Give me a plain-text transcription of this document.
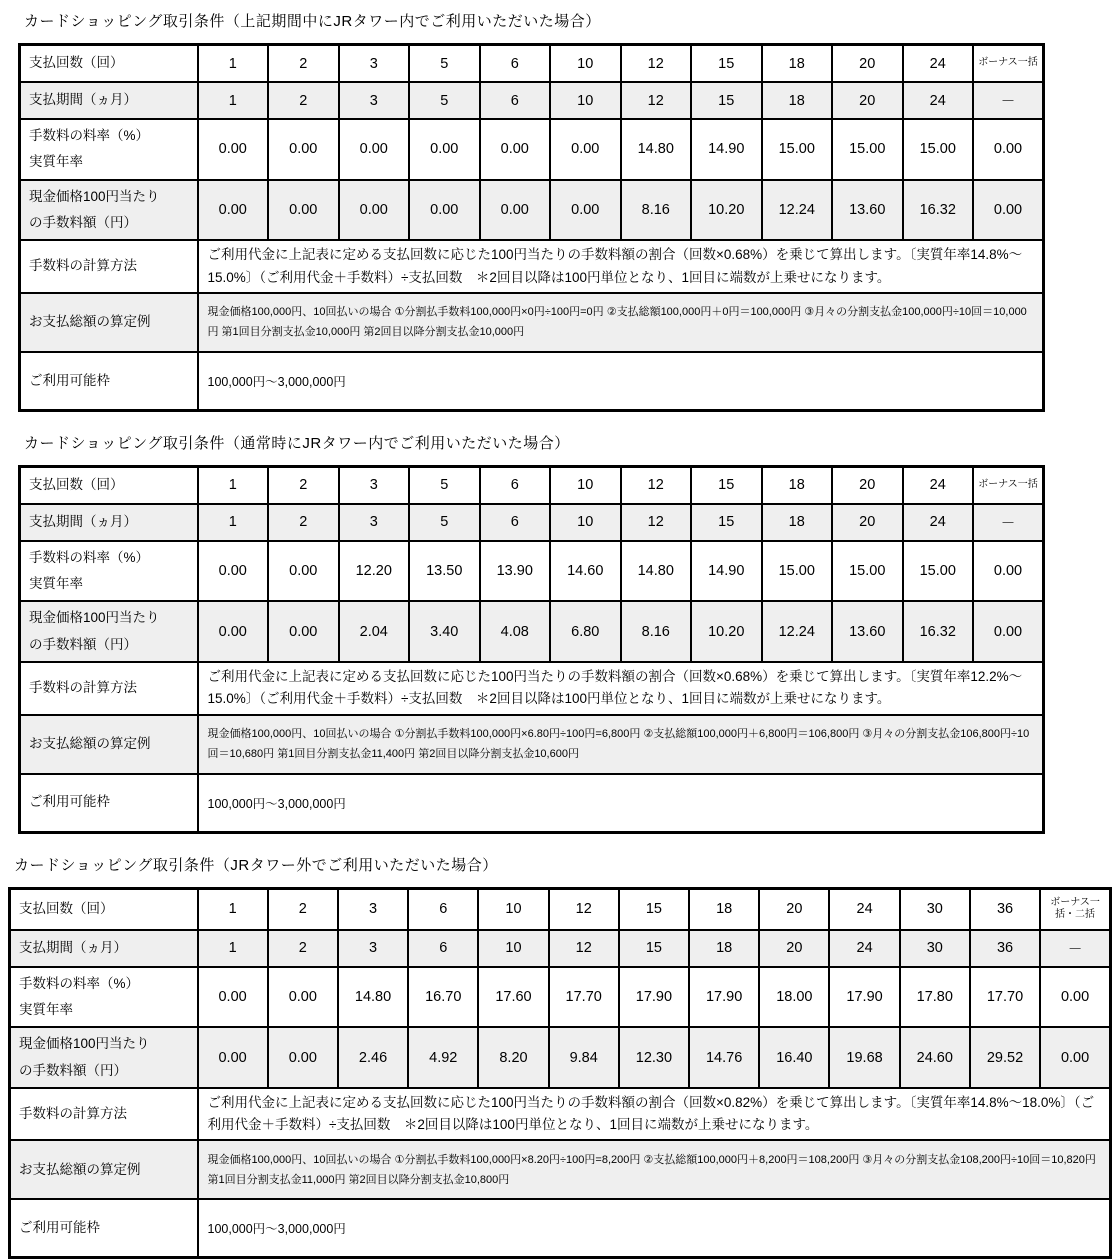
カードショッピング取引条件（上記期間中にJRタワー内でご利用いただいた場合）
支払回数（回）	1	2	3	5	6	10	12	15	18	20	24	ボーナス一括

支払期間（ヵ月）	1	2	3	5	6	10	12	15	18	20	24	－

手数料の料率（%）
実質年率	0.00	0.00	0.00	0.00	0.00	0.00	14.80	14.90	15.00	15.00	15.00	0.00

現金価格100円当たり
の手数料額（円）	0.00	0.00	0.00	0.00	0.00	0.00	8.16	10.20	12.24	13.60	16.32	0.00

手数料の計算方法	ご利用代金に上記表に定める支払回数に応じた100円当たりの手数料額の割合（回数×0.68%）を乗じて算出します。〔実質年率14.8%～15.0%〕（ご利用代金＋手数料）÷支払回数　＊2回目以降は100円単位となり、1回目に端数が上乗せになります。											

お支払総額の算定例	現金価格100,000円、10回払いの場合 ①分割払手数料100,000円×0円÷100円=0円 ②支払総額100,000円＋0円＝100,000円 ③月々の分割支払金100,000円÷10回＝10,000円 第1回目分割支払金10,000円 第2回目以降分割支払金10,000円											

ご利用可能枠	100,000円～3,000,000円											
カードショッピング取引条件（通常時にJRタワー内でご利用いただいた場合）
支払回数（回）	1	2	3	5	6	10	12	15	18	20	24	ボーナス一括

支払期間（ヵ月）	1	2	3	5	6	10	12	15	18	20	24	－

手数料の料率（%）
実質年率	0.00	0.00	12.20	13.50	13.90	14.60	14.80	14.90	15.00	15.00	15.00	0.00

現金価格100円当たり
の手数料額（円）	0.00	0.00	2.04	3.40	4.08	6.80	8.16	10.20	12.24	13.60	16.32	0.00

手数料の計算方法	ご利用代金に上記表に定める支払回数に応じた100円当たりの手数料額の割合（回数×0.68%）を乗じて算出します。〔実質年率12.2%～15.0%〕（ご利用代金＋手数料）÷支払回数　＊2回目以降は100円単位となり、1回目に端数が上乗せになります。											

お支払総額の算定例	現金価格100,000円、10回払いの場合 ①分割払手数料100,000円×6.80円÷100円=6,800円 ②支払総額100,000円＋6,800円＝106,800円 ③月々の分割支払金106,800円÷10回＝10,680円 第1回目分割支払金11,400円 第2回目以降分割支払金10,600円											

ご利用可能枠	100,000円～3,000,000円											
カードショッピング取引条件（JRタワー外でご利用いただいた場合）
支払回数（回）	1	2	3	6	10	12	15	18	20	24	30	36	ボーナス一括・二括

支払期間（ヵ月）	1	2	3	6	10	12	15	18	20	24	30	36	－

手数料の料率（%）
実質年率	0.00	0.00	14.80	16.70	17.60	17.70	17.90	17.90	18.00	17.90	17.80	17.70	0.00

現金価格100円当たり
の手数料額（円）	0.00	0.00	2.46	4.92	8.20	9.84	12.30	14.76	16.40	19.68	24.60	29.52	0.00

手数料の計算方法	ご利用代金に上記表に定める支払回数に応じた100円当たりの手数料額の割合（回数×0.82%）を乗じて算出します。〔実質年率14.8%～18.0%〕（ご利用代金＋手数料）÷支払回数　＊2回目以降は100円単位となり、1回目に端数が上乗せになります。												

お支払総額の算定例	現金価格100,000円、10回払いの場合 ①分割払手数料100,000円×8.20円÷100円=8,200円 ②支払総額100,000円＋8,200円＝108,200円 ③月々の分割支払金108,200円÷10回＝10,820円 第1回目分割支払金11,000円 第2回目以降分割支払金10,800円												

ご利用可能枠	100,000円～3,000,000円												
